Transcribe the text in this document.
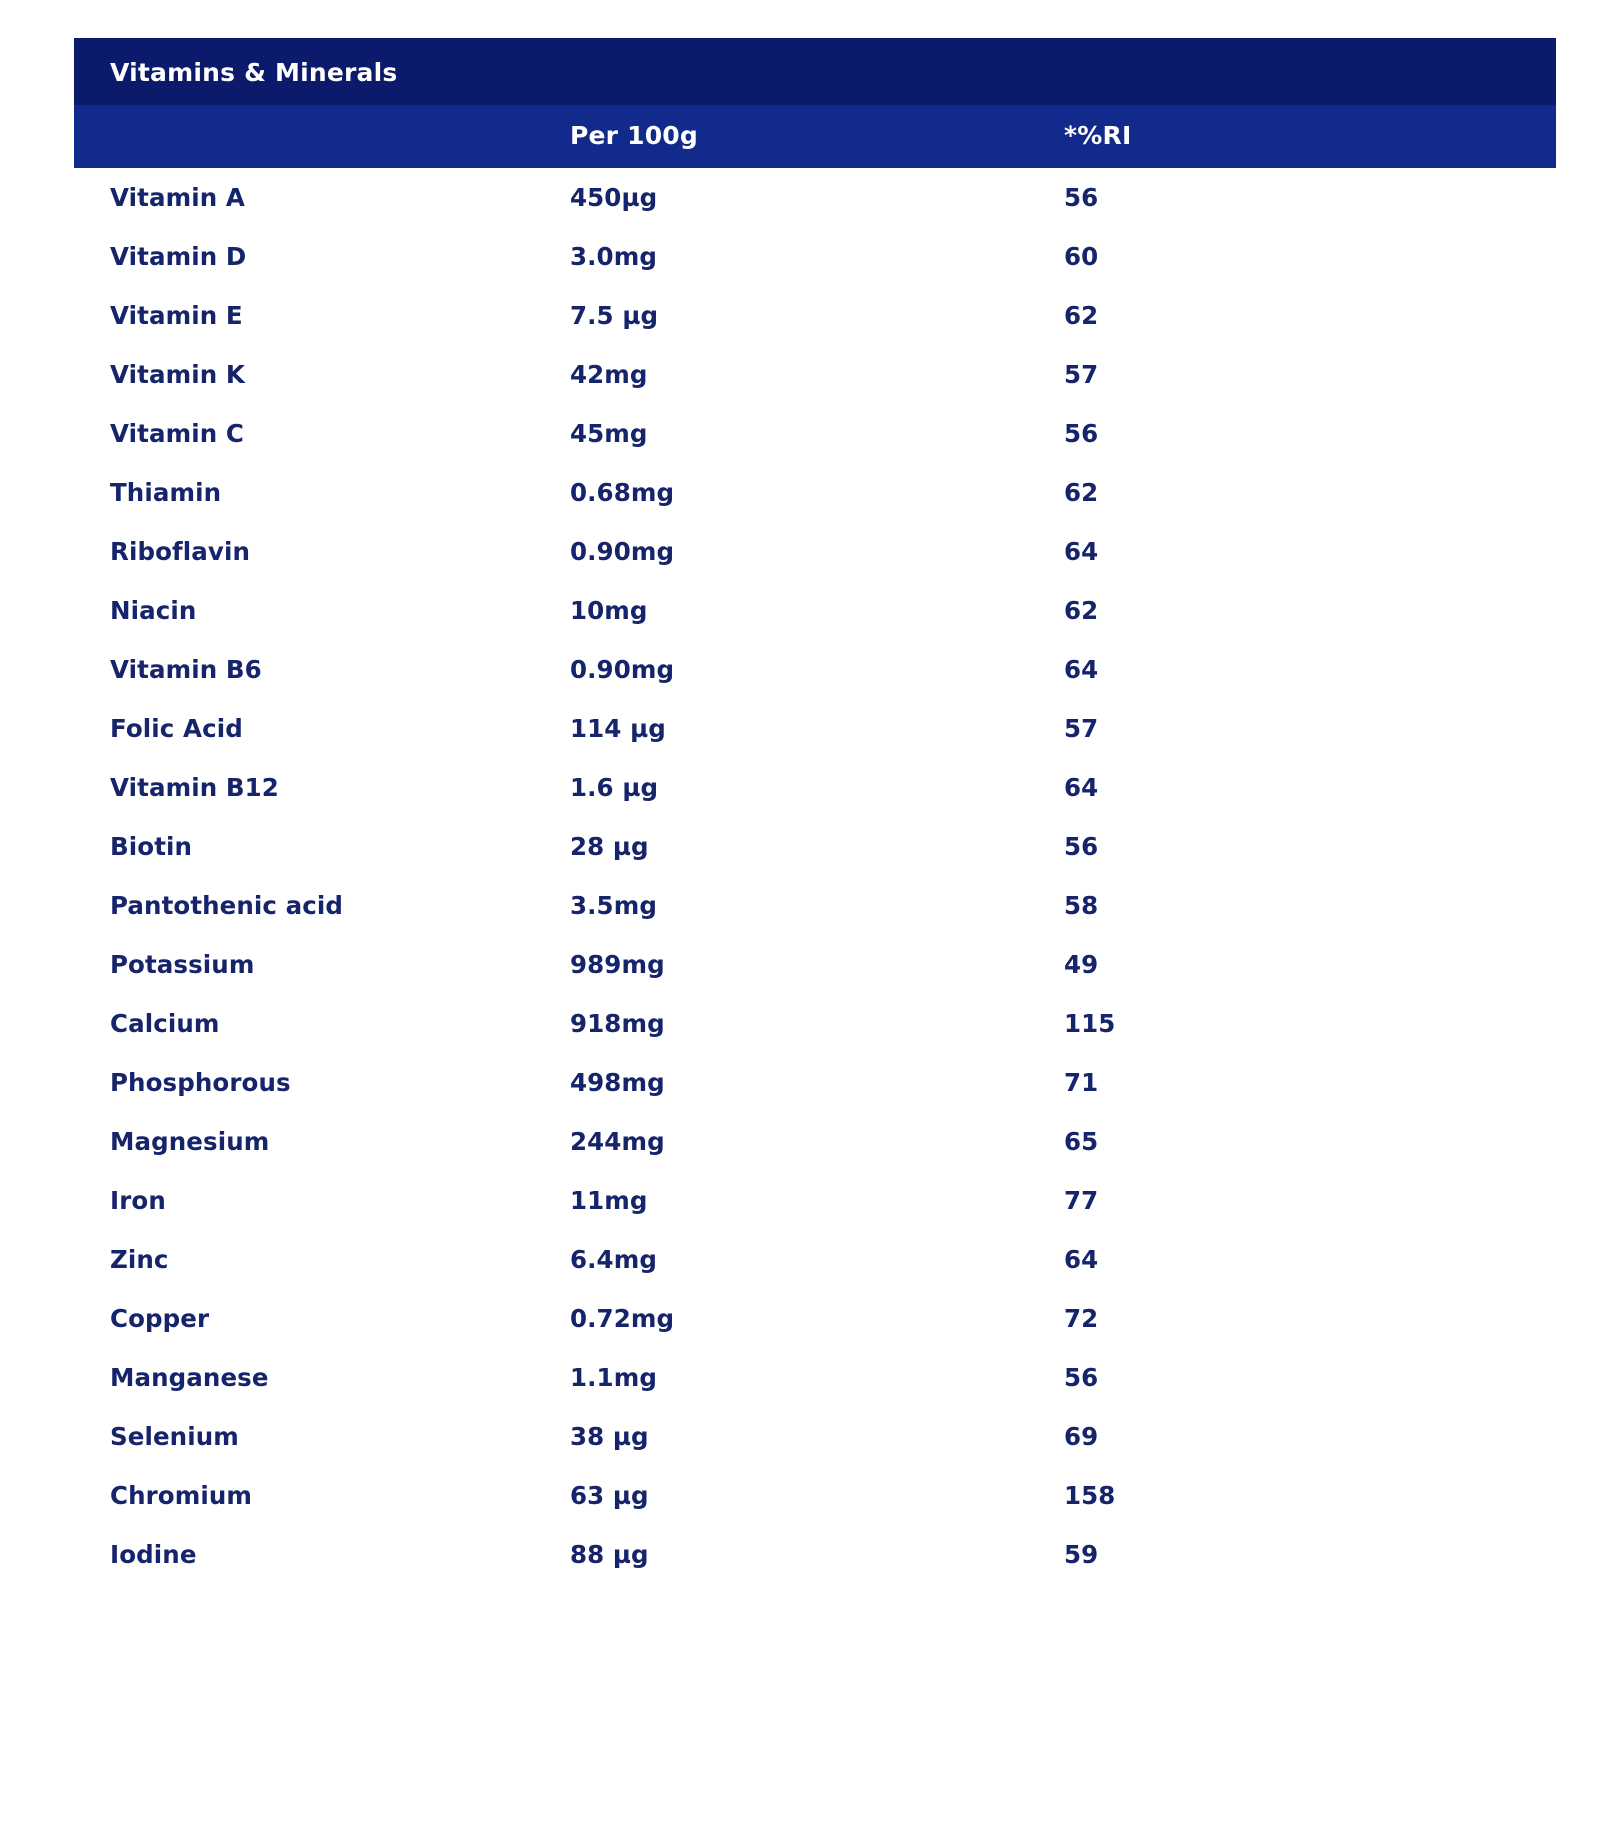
Vitamins & Minerals		
	Per 100g	*%RI
Vitamin A	450µg	56
Vitamin D	3.0mg	60
Vitamin E	7.5 µg	62
Vitamin K	42mg	57
Vitamin C	45mg	56
Thiamin	0.68mg	62
Riboflavin	0.90mg	64
Niacin	10mg	62
Vitamin B6	0.90mg	64
Folic Acid	114 µg	57
Vitamin B12	1.6 µg	64
Biotin	28 µg	56
Pantothenic acid	3.5mg	58
Potassium	989mg	49
Calcium	918mg	115
Phosphorous	498mg	71
Magnesium	244mg	65
Iron	11mg	77
Zinc	6.4mg	64
Copper	0.72mg	72
Manganese	1.1mg	56
Selenium	38 µg	69
Chromium	63 µg	158
Iodine	88 µg	59
